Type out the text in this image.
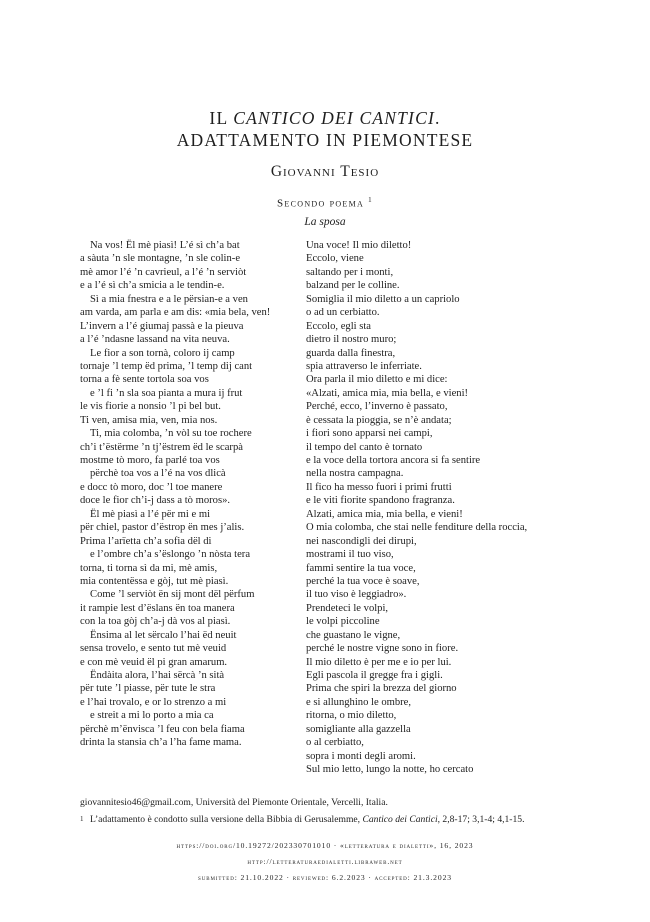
IL CANTICO DEI CANTICI.
ADATTAMENTO IN PIEMONTESE
Giovanni Tesio
Secondo poema $^1$
La sposa
Na vos! Ël mè piasì! L’é sì ch’a bat
a sàuta ’n sle montagne, ’n sle colin-e
mè amor l’é ’n cavrieul, a l’é ’n serviòt
e a l’é sì ch’a smicia a le tendin-e.
Sì a mia fnestra e a le përsian-e a ven
am varda, am parla e am dis: «mia bela, ven!
L’invern a l’é giumaj passà e la pieuva
a l’é ’ndasne lassand na vita neuva.
Le fior a son tornà, coloro ij camp
tornaje ’l temp ëd prima, ’l temp dij cant
torna a fè sente tortola soa vos
e ’l fi ’n sla soa pianta a mura ij frut
le vis fiorie a nonsio ’l pi bel but.
Ti ven, amisa mia, ven, mia nos.
Ti, mia colomba, ’n vòl su toe rochere
ch’i t’ëstërme ’n tj’ëstrem ëd le scarpà
mostme tò moro, fa parlé toa vos
përchè toa vos a l’é na vos dlicà
e docc tò moro, doc ’l toe manere
doce le fior ch’i-j dass a tò moros».
Ël mè piasì a l’é për mi e mi
për chiel, pastor d’ëstrop ën mes j’alis.
Prima l’arïetta ch’a sofia dël di
e l’ombre ch’a s’ëslongo ’n nòsta tera
torna, ti torna sì da mi, mè amis,
mia contentëssa e gòj, tut mè piasì.
Come ’l serviòt ën sij mont dël përfum
it rampie lest d’ëslans ën toa manera
con la toa gòj ch’a-j dà vos al piasì.
Ënsima al let sërcalo l’hai ëd neuit
sensa trovelo, e sento tut mè veuid
e con mè veuid ël pi gran amarum.
Ëndàita alora, l’hai sërcà ’n sità
për tute ’l piasse, për tute le stra
e l’hai trovalo, e or lo strenzo a mi
e streit a mi lo porto a mia ca
përchè m’ënvisca ’l feu con bela fiama
drinta la stansia ch’a l’ha fame mama.
Una voce! Il mio diletto!
Eccolo, viene
saltando per i monti,
balzand per le colline.
Somiglia il mio diletto a un capriolo
o ad un cerbiatto.
Eccolo, egli sta
dietro il nostro muro;
guarda dalla finestra,
spia attraverso le inferriate.
Ora parla il mio diletto e mi dice:
«Alzati, amica mia, mia bella, e vieni!
Perché, ecco, l’inverno è passato,
è cessata la pioggia, se n’è andata;
i fiori sono apparsi nei campi,
il tempo del canto è tornato
e la voce della tortora ancora si fa sentire
nella nostra campagna.
Il fico ha messo fuori i primi frutti
e le viti fiorite spandono fragranza.
Alzati, amica mia, mia bella, e vieni!
O mia colomba, che stai nelle fenditure della roccia,
nei nascondigli dei dirupi,
mostrami il tuo viso,
fammi sentire la tua voce,
perché la tua voce è soave,
il tuo viso è leggiadro».
Prendeteci le volpi,
le volpi piccoline
che guastano le vigne,
perché le nostre vigne sono in fiore.
Il mio diletto è per me e io per lui.
Egli pascola il gregge fra i gigli.
Prima che spiri la brezza del giorno
e si allunghino le ombre,
ritorna, o mio diletto,
somigliante alla gazzella
o al cerbiatto,
sopra i monti degli aromi.
Sul mio letto, lungo la notte, ho cercato
giovannitesio46@gmail.com, Università del Piemonte Orientale, Vercelli, Italia.
1 L’adattamento è condotto sulla versione della Bibbia di Gerusalemme, Cantico dei Cantici, 2,8-17; 3,1-4; 4,1-15.
https://doi.org/10.19272/202330701010 · «letteratura e dialetti», 16, 2023
http://letteraturaedialetti.libraweb.net
submitted: 21.10.2022 · reviewed: 6.2.2023 · accepted: 21.3.2023
